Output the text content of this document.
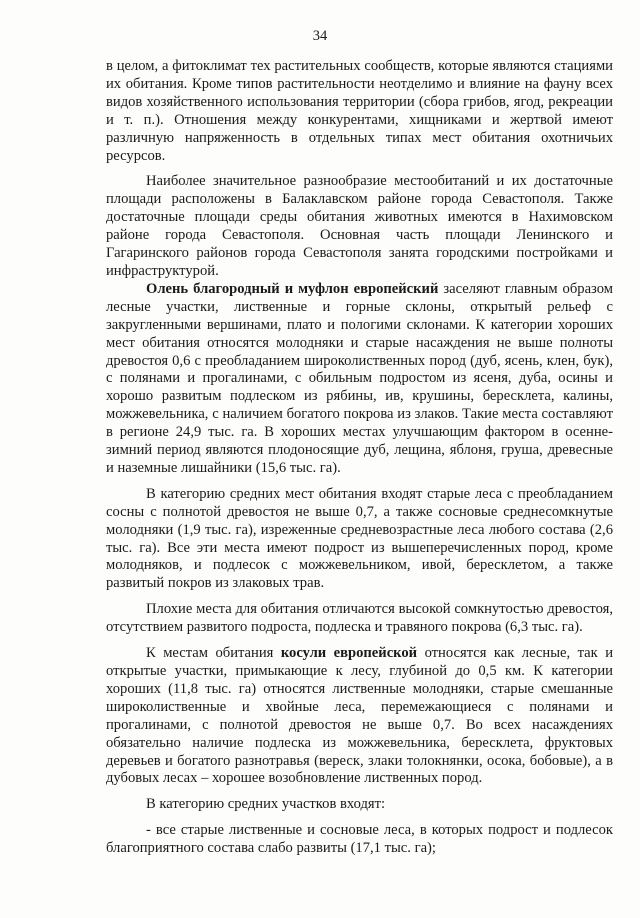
34

в целом, а фитоклимат тех растительных сообществ, которые являются стациями их обитания. Кроме типов растительности неотделимо и влияние на фауну всех видов хозяйственного использования территории (сбора грибов, ягод, рекреации и т. п.). Отношения между конкурентами, хищниками и жертвой имеют различную напряженность в отдельных типах мест обитания охотничьих ресурсов.

Наиболее значительное разнообразие местообитаний и их достаточные площади расположены в Балаклавском районе города Севастополя. Также достаточные площади среды обитания животных имеются в Нахимовском районе города Севастополя. Основная часть площади Ленинского и Гагаринского районов города Севастополя занята городскими постройками и инфраструктурой.

Олень благородный и муфлон европейский заселяют главным образом лесные участки, лиственные и горные склоны, открытый рельеф с закругленными вершинами, плато и пологими склонами. К категории хороших мест обитания относятся молодняки и старые насаждения не выше полноты древостоя 0,6 с преобладанием широколиственных пород (дуб, ясень, клен, бук), с полянами и прогалинами, с обильным подростом из ясеня, дуба, осины и хорошо развитым подлеском из рябины, ив, крушины, бересклета, калины, можжевельника, с наличием богатого покрова из злаков. Такие места составляют в регионе 24,9 тыс. га. В хороших местах улучшающим фактором в осенне-зимний период являются плодоносящие дуб, лещина, яблоня, груша, древесные и наземные лишайники (15,6 тыс. га).

В категорию средних мест обитания входят старые леса с преобладанием сосны с полнотой древостоя не выше 0,7, а также сосновые среднесомкнутые молодняки (1,9 тыс. га), изреженные средневозрастные леса любого состава (2,6 тыс. га). Все эти места имеют подрост из вышеперечисленных пород, кроме молодняков, и подлесок с можжевельником, ивой, бересклетом, а также развитый покров из злаковых трав.

Плохие места для обитания отличаются высокой сомкнутостью древостоя, отсутствием развитого подроста, подлеска и травяного покрова (6,3 тыс. га).

К местам обитания косули европейской относятся как лесные, так и открытые участки, примыкающие к лесу, глубиной до 0,5 км. К категории хороших (11,8 тыс. га) относятся лиственные молодняки, старые смешанные широколиственные и хвойные леса, перемежающиеся с полянами и прогалинами, с полнотой древостоя не выше 0,7. Во всех насаждениях обязательно наличие подлеска из можжевельника, бересклета, фруктовых деревьев и богатого разнотравья (вереск, злаки толокнянки, осока, бобовые), а в дубовых лесах – хорошее возобновление лиственных пород.

В категорию средних участков входят:

- все старые лиственные и сосновые леса, в которых подрост и подлесок благоприятного состава слабо развиты (17,1 тыс. га);
